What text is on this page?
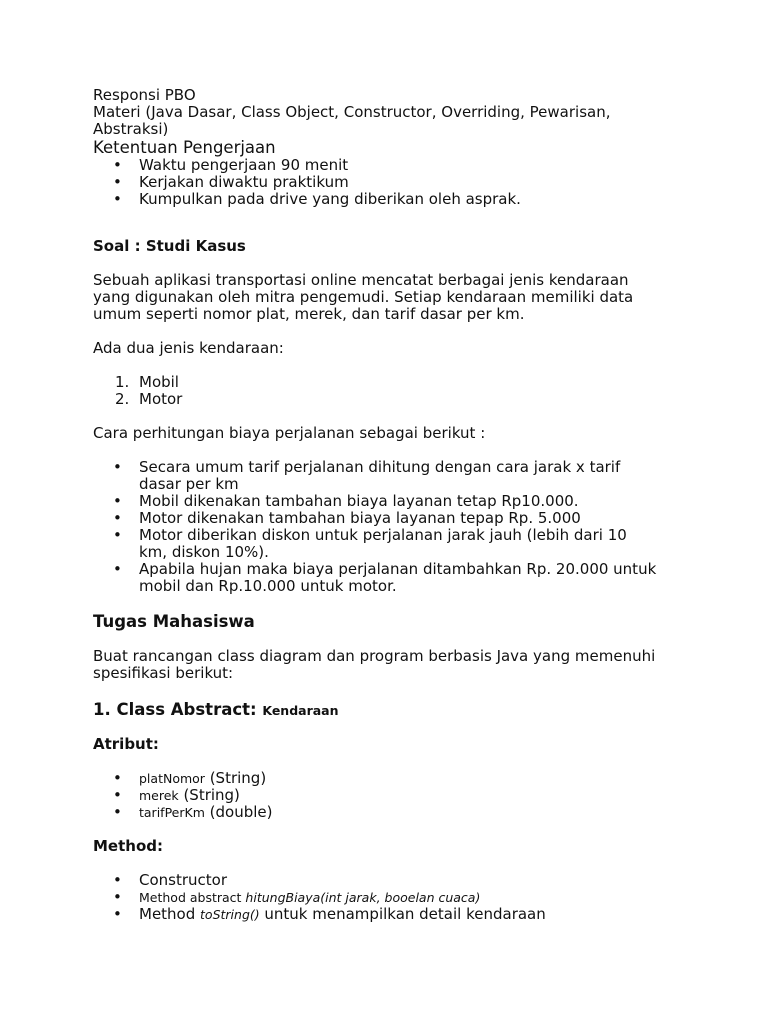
Responsi PBO

Materi (Java Dasar, Class Object, Constructor, Overriding, Pewarisan,

Abstraksi)

Ketentuan Pengerjaan

• Waktu pengerjaan 90 menit

• Kerjakan diwaktu praktikum

• Kumpulkan pada drive yang diberikan oleh asprak.

Soal : Studi Kasus

Sebuah aplikasi transportasi online mencatat berbagai jenis kendaraan

yang digunakan oleh mitra pengemudi. Setiap kendaraan memiliki data

umum seperti nomor plat, merek, dan tarif dasar per km.

Ada dua jenis kendaraan:

1. Mobil

2. Motor

Cara perhitungan biaya perjalanan sebagai berikut :

• Secara umum tarif perjalanan dihitung dengan cara jarak x tarif

dasar per km

• Mobil dikenakan tambahan biaya layanan tetap Rp10.000.

• Motor dikenakan tambahan biaya layanan tepap Rp. 5.000

• Motor diberikan diskon untuk perjalanan jarak jauh (lebih dari 10

km, diskon 10%).

• Apabila hujan maka biaya perjalanan ditambahkan Rp. 20.000 untuk

mobil dan Rp.10.000 untuk motor.

Tugas Mahasiswa

Buat rancangan class diagram dan program berbasis Java yang memenuhi

spesifikasi berikut:

1. Class Abstract: Kendaraan

Atribut:

• platNomor (String)

• merek (String)

• tarifPerKm (double)

Method:

• Constructor

• Method abstract hitungBiaya(int jarak, booelan cuaca)

• Method toString() untuk menampilkan detail kendaraan
